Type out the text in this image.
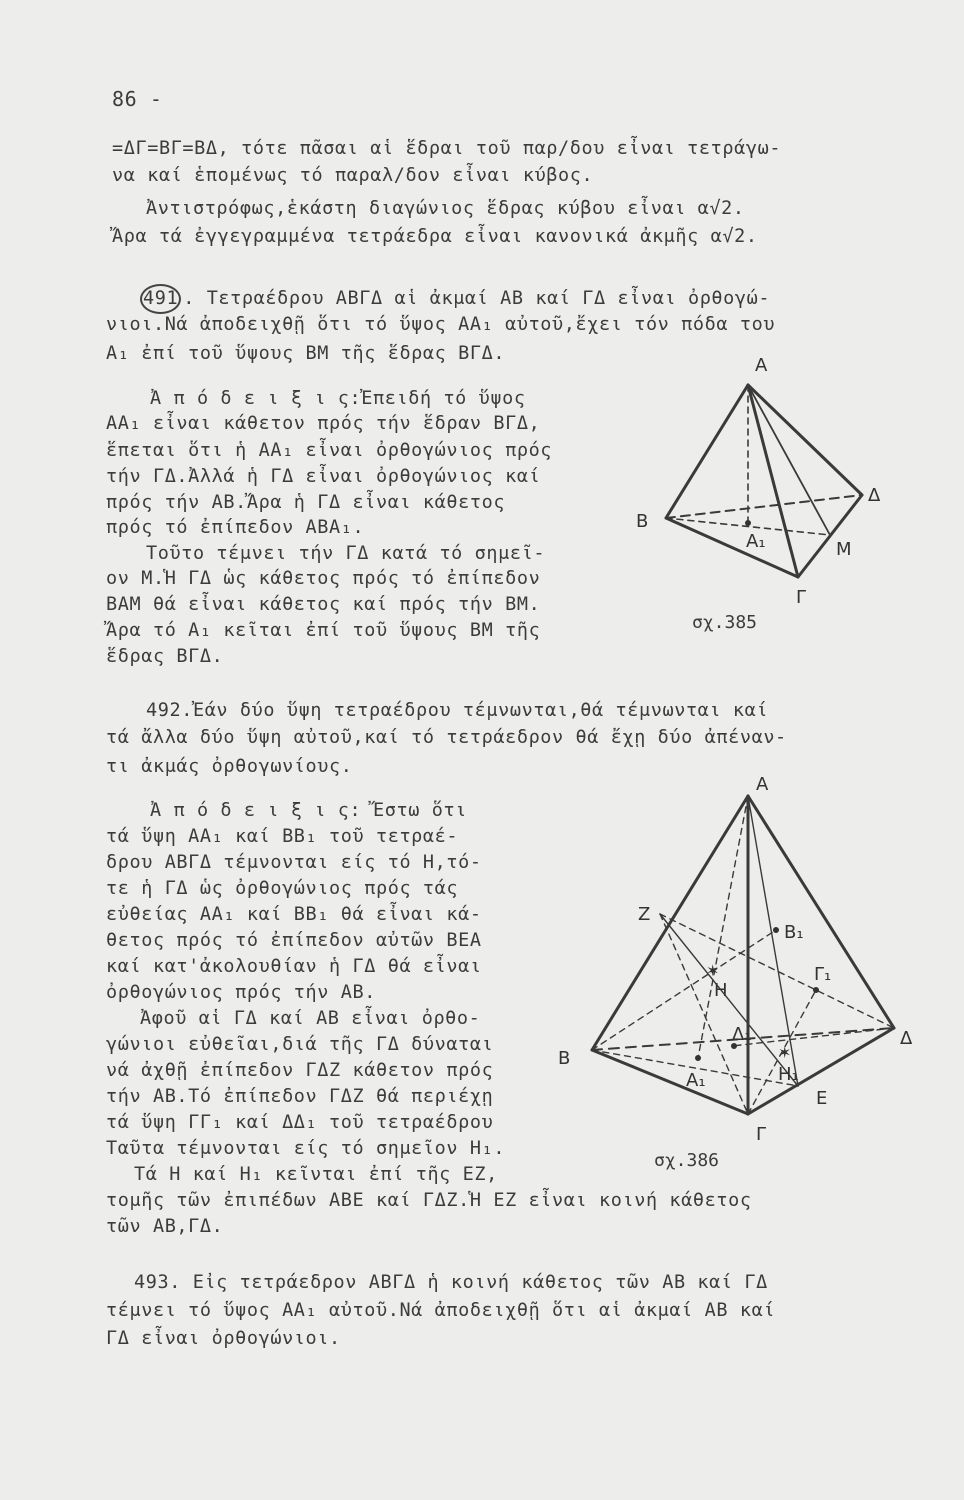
86 -
=ΔΓ=ΒΓ=ΒΔ, τότε πᾶσαι αἱ ἕδραι τοῦ παρ/δου εἶναι τετράγω-
να καί ἑπομένως τό παραλ/δον εἶναι κύβος.
Ἀντιστρόφως,ἑκάστη διαγώνιος ἕδρας κύβου εἶναι α√2.
Ἄρα τά ἐγγεγραμμένα τετράεδρα εἶναι κανονικά ἀκμῆς α√2.
491 . Τετραέδρου ΑΒΓΔ αἱ ἀκμαί ΑΒ καί ΓΔ εἶναι ὀρθογώ-
νιοι.Νά ἀποδειχθῇ ὅτι τό ὕψος ΑΑ₁ αὐτοῦ,ἔχει τόν πόδα του
Α₁ ἐπί τοῦ ὕψους ΒΜ τῆς ἕδρας ΒΓΔ.
Ἀ π ό δ ε ι ξ ι ς:Ἐπειδή τό ὕψος
ΑΑ₁ εἶναι κάθετον πρός τήν ἕδραν ΒΓΔ,
ἕπεται ὅτι ἡ ΑΑ₁ εἶναι ὀρθογώνιος πρός
τήν ΓΔ.Ἀλλά ἡ ΓΔ εἶναι ὀρθογώνιος καί
πρός τήν ΑΒ.Ἄρα ἡ ΓΔ εἶναι κάθετος
πρός τό ἐπίπεδον ΑΒΑ₁.
Τοῦτο τέμνει τήν ΓΔ κατά τό σημεῖ-
ον Μ.Ἡ ΓΔ ὡς κάθετος πρός τό ἐπίπεδον
ΒΑΜ θά εἶναι κάθετος καί πρός τήν ΒΜ.
Ἄρα τό Α₁ κεῖται ἐπί τοῦ ὕψους ΒΜ τῆς
ἕδρας ΒΓΔ.
A
B
Δ
A₁	M
Γ
σχ.385
492.Ἐάν δύο ὕψη τετραέδρου τέμνωνται,θά τέμνωνται καί
τά ἄλλα δύο ὕψη αὐτοῦ,καί τό τετράεδρον θά ἔχῃ δύο ἀπέναν-
τι ἀκμάς ὀρθογωνίους.
Ἀ π ό δ ε ι ξ ι ς: Ἔστω ὅτι
τά ὕψη ΑΑ₁ καί ΒΒ₁ τοῦ τετραέ-
δρου ΑΒΓΔ τέμνονται είς τό Η,τό-
τε ἡ ΓΔ ὡς ὀρθογώνιος πρός τάς
εὐθείας ΑΑ₁ καί ΒΒ₁ θά εἶναι κά-
θετος πρός τό ἐπίπεδον αὐτῶν ΒΕΑ
καί κατ'ἀκολουθίαν ἡ ΓΔ θά εἶναι
ὀρθογώνιος πρός τήν ΑΒ.
Ἀφοῦ αἱ ΓΔ καί ΑΒ εἶναι ὀρθο-
γώνιοι εὐθεῖαι,διά τῆς ΓΔ δύναται
νά ἀχθῇ ἐπίπεδον ΓΔΖ κάθετον πρός
τήν ΑΒ.Τό ἐπίπεδον ΓΔΖ θά περιέχῃ
τά ὕψη ΓΓ₁ καί ΔΔ₁ τοῦ τετραέδρου
Ταῦτα τέμνονται είς τό σημεῖον Η₁.
Τά Η καί Η₁ κεῖνται ἐπί τῆς ΕΖ,
τομῆς τῶν ἐπιπέδων ΑΒΕ καί ΓΔΖ.Ἡ ΕΖ εἶναι κοινή κάθετος
τῶν ΑΒ,ΓΔ.
✶
✶
A
Z
B₁
Γ₁
H
Δ₁
B
Δ
A₁	H₁
E
Γ
σχ.386
493. Εἰς τετράεδρον ΑΒΓΔ ἡ κοινή κάθετος τῶν ΑΒ καί ΓΔ
τέμνει τό ὕψος ΑΑ₁ αὐτοῦ.Νά ἀποδειχθῇ ὅτι αἱ ἀκμαί ΑΒ καί
ΓΔ εἶναι ὀρθογώνιοι.
